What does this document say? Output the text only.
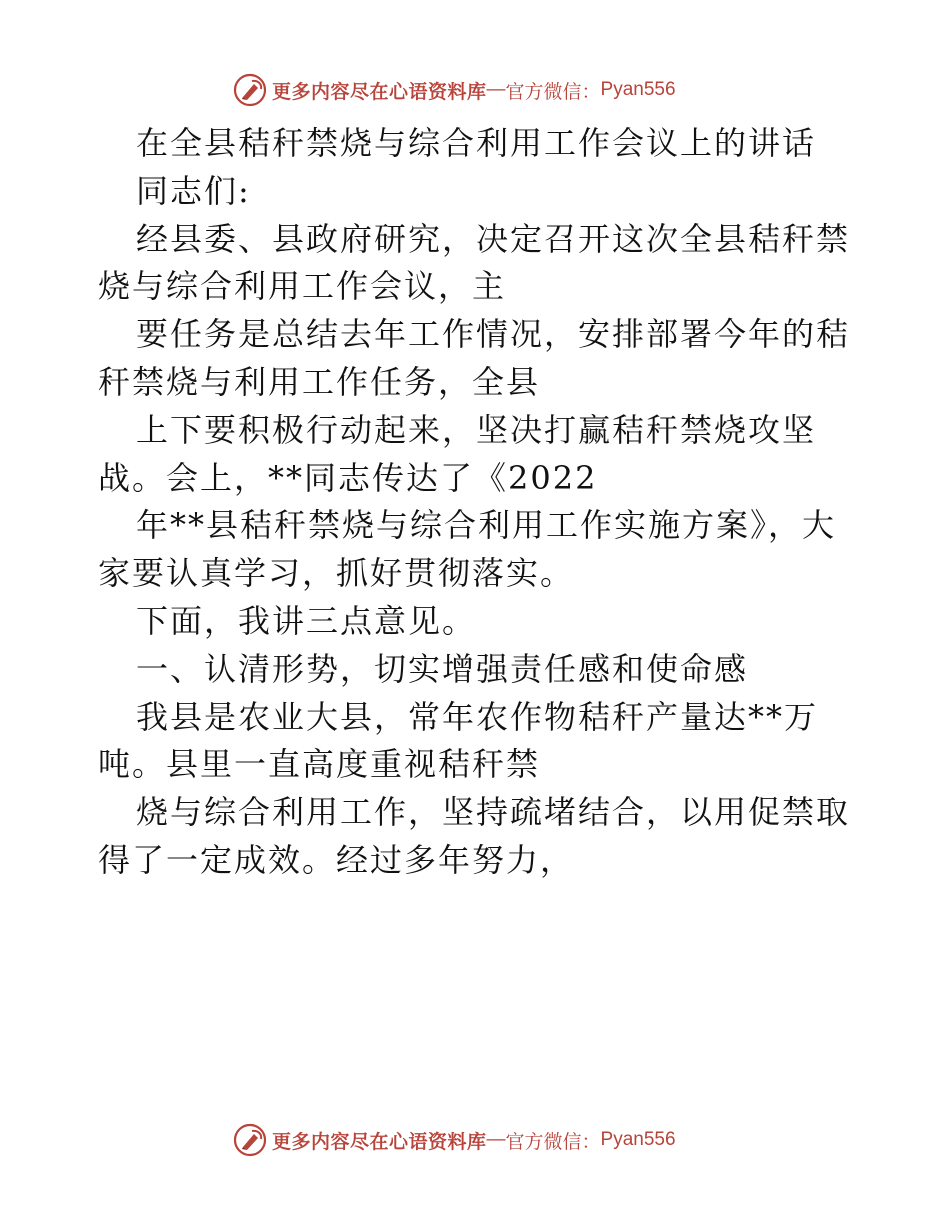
更多内容尽在心语资料库 — 官方微信： Pyan556
在全县秸秆禁烧与综合利用工作会议上的讲话
同志们:
经县委、县政府研究，决定召开这次全县秸秆禁
烧与综合利用工作会议，主
要任务是总结去年工作情况，安排部署今年的秸
秆禁烧与利用工作任务，全县
上下要积极行动起来，坚决打赢秸秆禁烧攻坚
战。会上，**同志传达了《2022
年**县秸秆禁烧与综合利用工作实施方案》，大
家要认真学习，抓好贯彻落实。
下面，我讲三点意见。
一、认清形势，切实增强责任感和使命感
我县是农业大县，常年农作物秸秆产量达**万
吨。县里一直高度重视秸秆禁
烧与综合利用工作，坚持疏堵结合，以用促禁取
得了一定成效。经过多年努力，
更多内容尽在心语资料库 — 官方微信： Pyan556
